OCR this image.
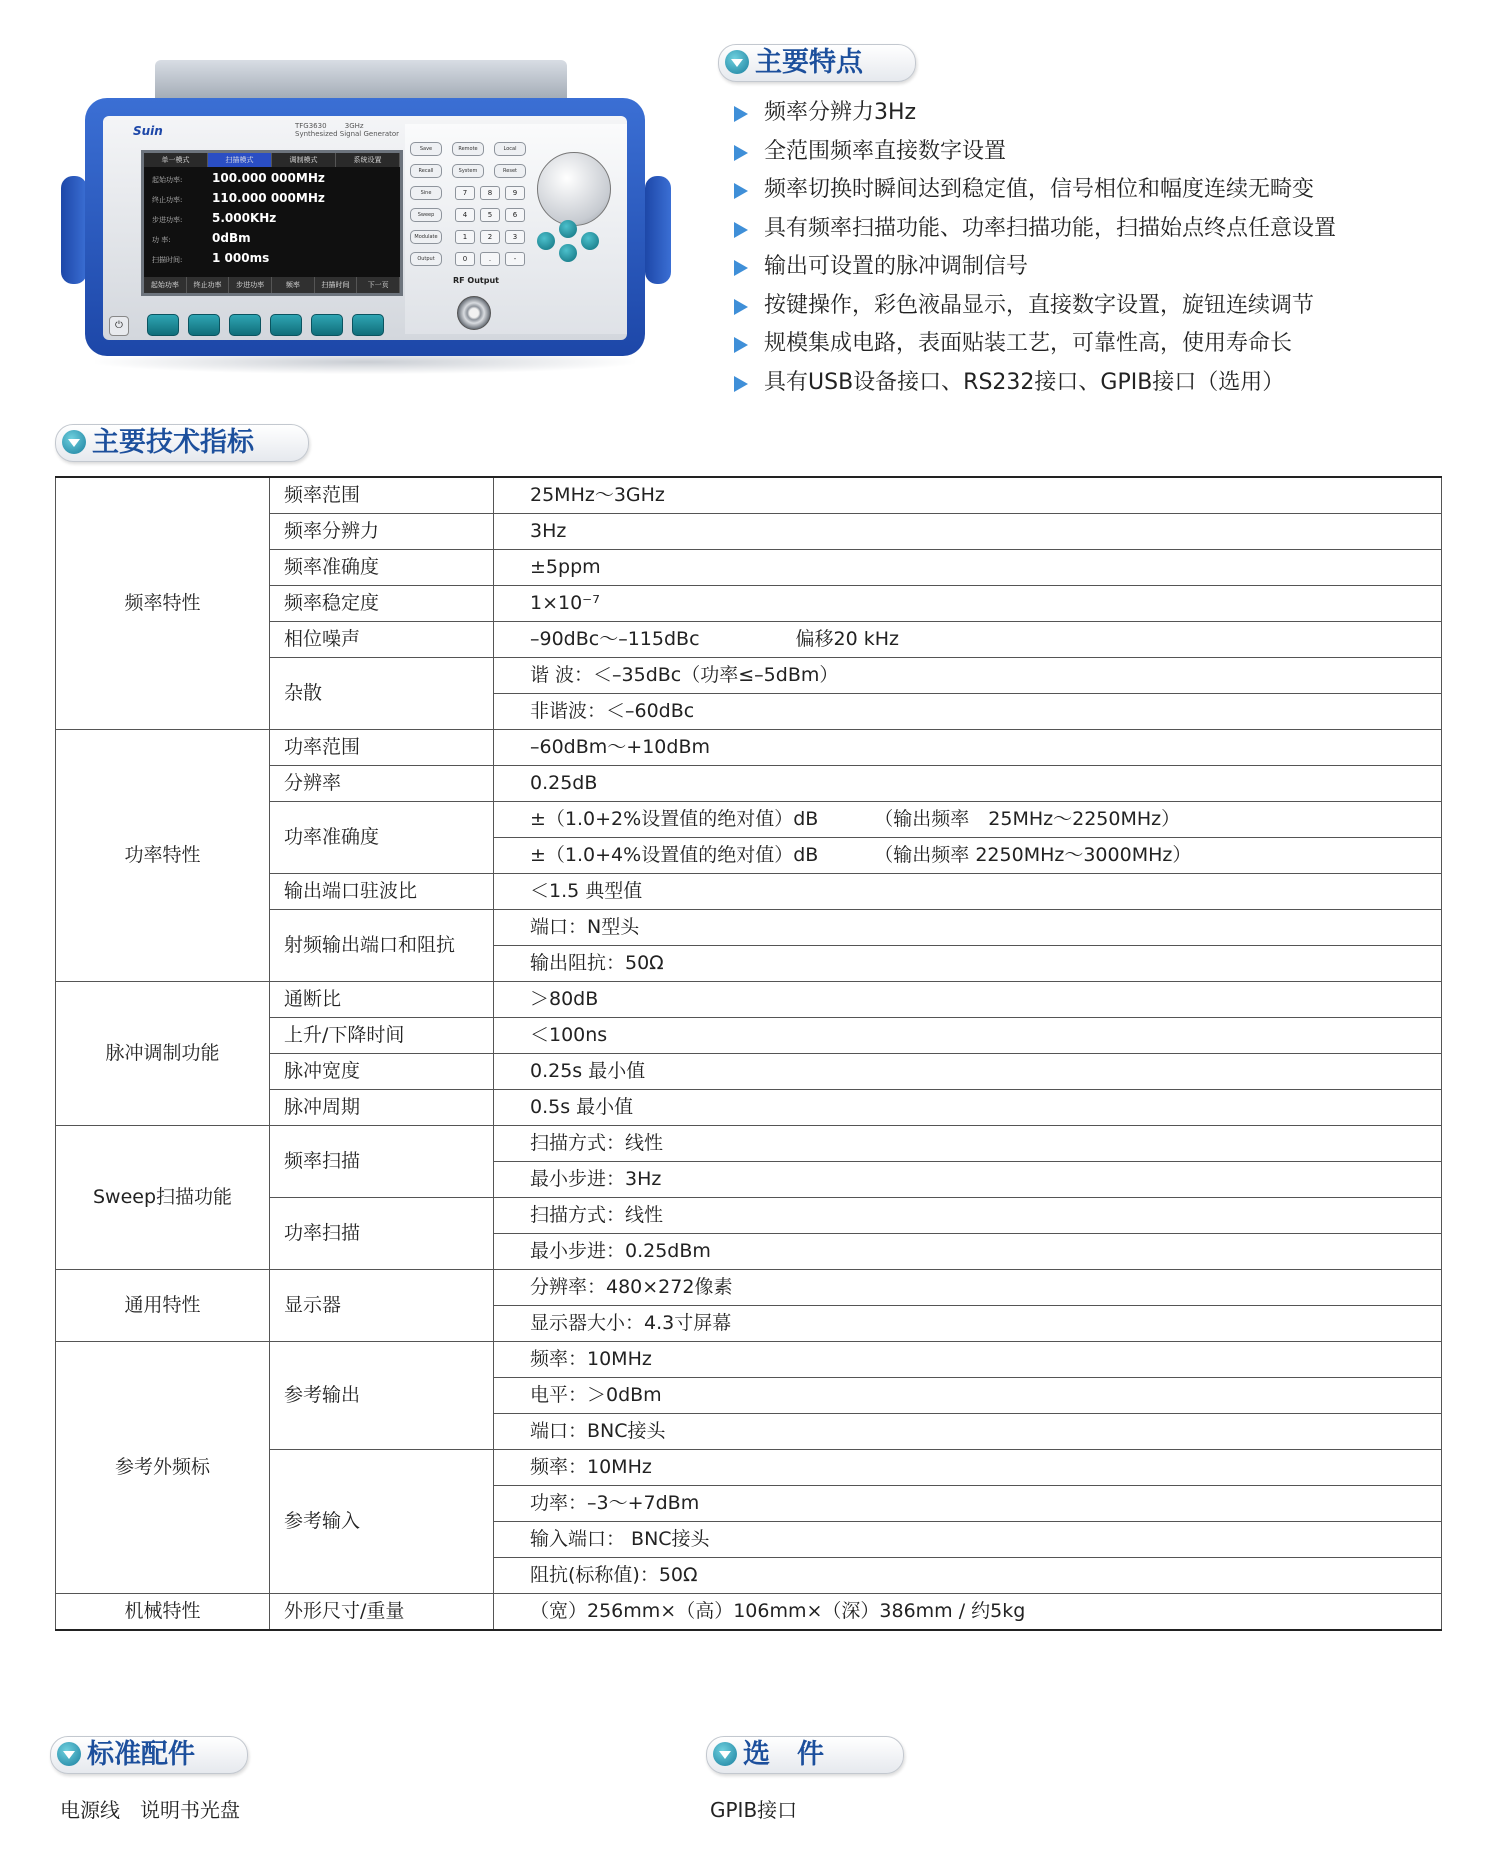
Suin	TFG3630	3GHz
Synthesized Signal Generator
单一模式	扫描模式	调制模式	系统设置
起始功率: 100.000 000MHz
终止功率: 110.000 000MHz
步进功率: 5.000KHz
功 率:	0dBm
扫描时间: 1 000ms
起始功率	终止功率	步进功率	频率	扫描时间	下一页
⏻
Save	Remote	Local
Recall	System	Reset
Sine
Sweep
Modulate
Output
7	8	9
4	5	6
1	2	3
0	.	-
RF Output
主要特点
频率分辨力3Hz
全范围频率直接数字设置
频率切换时瞬间达到稳定值，信号相位和幅度连续无畸变
具有频率扫描功能、功率扫描功能，扫描始点终点任意设置
输出可设置的脉冲调制信号
按键操作，彩色液晶显示，直接数字设置，旋钮连续调节
规模集成电路，表面贴装工艺，可靠性高，使用寿命长
具有USB设备接口、RS232接口、GPIB接口（选用）
主要技术指标
频率特性	频率范围	25MHz～3GHz
	频率分辨力	3Hz
	频率准确度	±5ppm
	频率稳定度	1×10⁻⁷
	相位噪声	–90dBc～–115dBc 偏移20 kHz
	杂散	谐 波：＜–35dBc（功率≤–5dBm）
		非谐波：＜–60dBc
功率特性	功率范围	–60dBm～+10dBm
	分辨率	0.25dB
	功率准确度	±（1.0+2%设置值的绝对值）dB （输出频率　25MHz～2250MHz）
		±（1.0+4%设置值的绝对值）dB （输出频率 2250MHz～3000MHz）
	输出端口驻波比	＜1.5 典型值
	射频输出端口和阻抗	端口：N型头
		输出阻抗：50Ω
脉冲调制功能	通断比	＞80dB
	上升/下降时间	＜100ns
	脉冲宽度	0.25s 最小值
	脉冲周期	0.5s 最小值
Sweep扫描功能	频率扫描	扫描方式：线性
		最小步进：3Hz
	功率扫描	扫描方式：线性
		最小步进：0.25dBm
通用特性	显示器	分辨率：480×272像素
		显示器大小：4.3寸屏幕
参考外频标	参考输出	频率：10MHz
		电平：＞0dBm
		端口：BNC接头
	参考输入	频率：10MHz
		功率：–3～+7dBm
		输入端口： BNC接头
		阻抗(标称值)：50Ω
机械特性	外形尺寸/重量	（宽）256mm×（高）106mm×（深）386mm / 约5kg
标准配件
电源线　说明书光盘
选　件
GPIB接口
